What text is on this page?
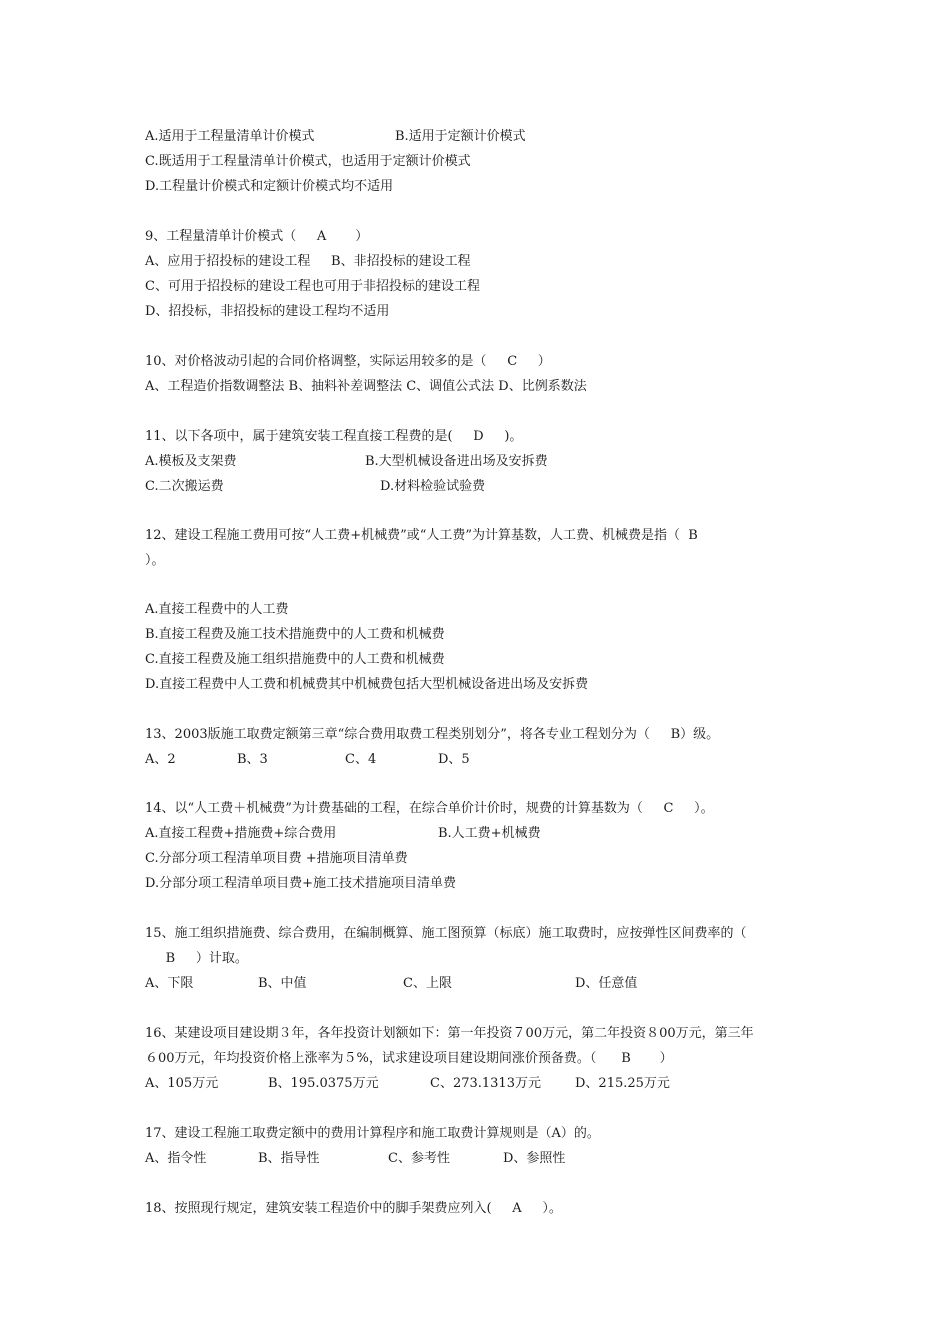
A.适用于工程量清单计价模式	B.适用于定额计价模式
C.既适用于工程量清单计价模式，也适用于定额计价模式
D.工程量计价模式和定额计价模式均不适用
9、工程量清单计价模式（     A       ）
A、应用于招投标的建设工程     B、非招投标的建设工程
C、可用于招投标的建设工程也可用于非招投标的建设工程
D、招投标，非招投标的建设工程均不适用
10、对价格波动引起的合同价格调整，实际运用较多的是（     C     ）
A、工程造价指数调整法 B、抽料补差调整法 C、调值公式法 D、比例系数法
11、以下各项中，属于建筑安装工程直接工程费的是(     D     )。
A.模板及支架费	B.大型机械设备进出场及安拆费
C.二次搬运费	D.材料检验试验费
12、建设工程施工费用可按“人工费+机械费”或“人工费”为计算基数，人工费、机械费是指（  B
）。
A.直接工程费中的人工费
B.直接工程费及施工技术措施费中的人工费和机械费
C.直接工程费及施工组织措施费中的人工费和机械费
D.直接工程费中人工费和机械费其中机械费包括大型机械设备进出场及安拆费
13、2003版施工取费定额第三章“综合费用取费工程类别划分”，将各专业工程划分为（     B）级。
A、2	B、3	C、4	D、5
14、以“人工费＋机械费”为计费基础的工程，在综合单价计价时，规费的计算基数为（     C     ）。
A.直接工程费+措施费+综合费用	B.人工费+机械费
C.分部分项工程清单项目费 +措施项目清单费
D.分部分项工程清单项目费+施工技术措施项目清单费
15、施工组织措施费、综合费用，在编制概算、施工图预算（标底）施工取费时，应按弹性区间费率的（
B     ）计取。
A、下限	B、中值	C、上限	D、任意值
16、某建设项目建设期３年，各年投资计划额如下：第一年投资７00万元，第二年投资８00万元，第三年
６00万元，年均投资价格上涨率为５%，试求建设项目建设期间涨价预备费。（      B       ）
A、105万元	B、195.0375万元	C、273.1313万元	D、215.25万元
17、建设工程施工取费定额中的费用计算程序和施工取费计算规则是（A）的。
A、指令性	B、指导性	C、参考性	D、参照性
18、按照现行规定，建筑安装工程造价中的脚手架费应列入(     A     ）。
